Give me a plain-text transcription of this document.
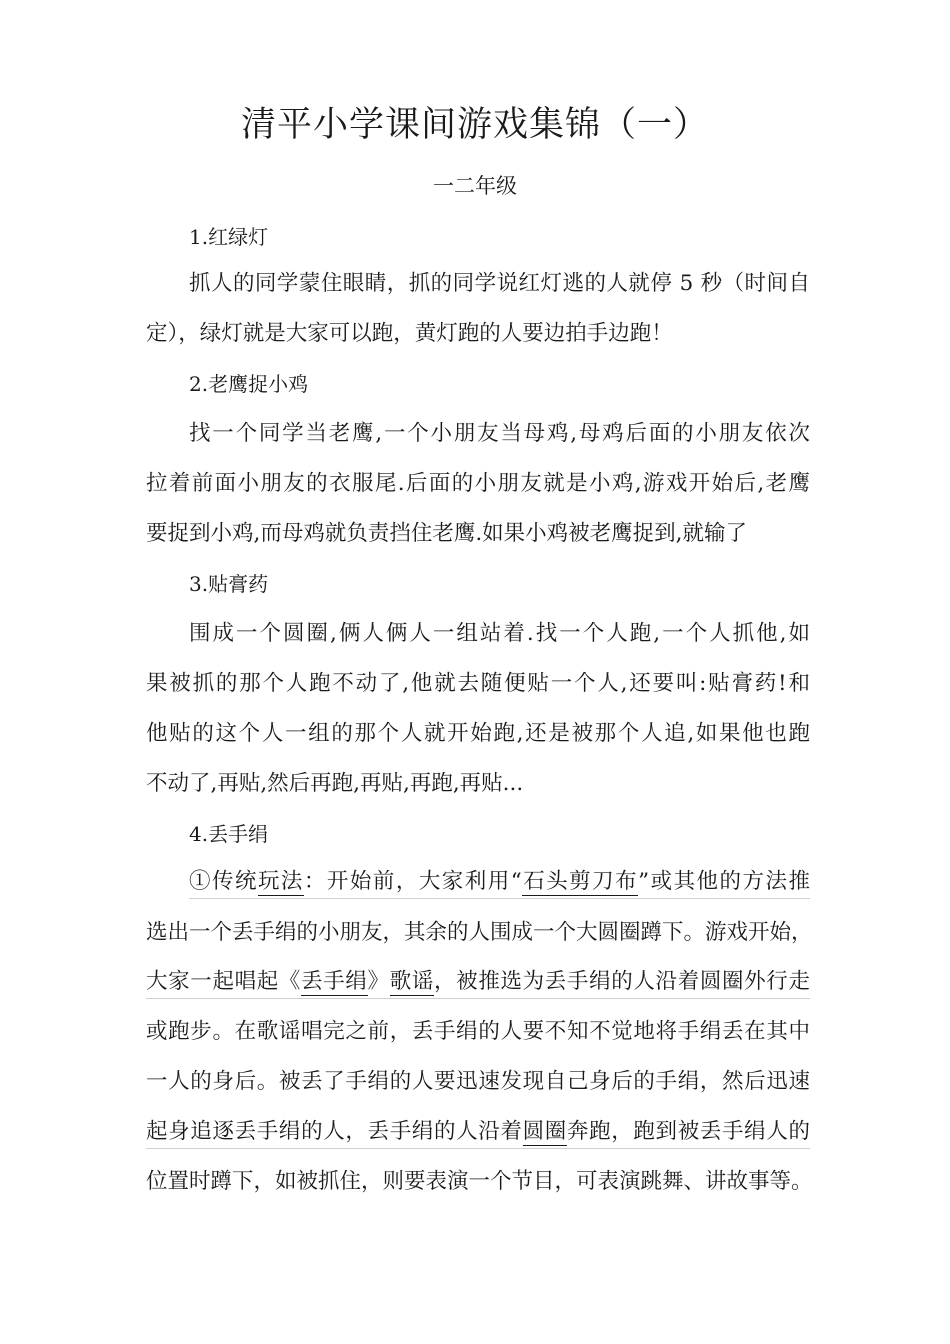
清平小学课间游戏集锦（一）
一二年级
1.红绿灯
抓人的同学蒙住眼睛，抓的同学说红灯逃的人就停 5 秒（时间自
定），绿灯就是大家可以跑，黄灯跑的人要边拍手边跑！
2.老鹰捉小鸡
找一个同学当老鹰,一个小朋友当母鸡,母鸡后面的小朋友依次
拉着前面小朋友的衣服尾.后面的小朋友就是小鸡,游戏开始后,老鹰
要捉到小鸡,而母鸡就负责挡住老鹰.如果小鸡被老鹰捉到,就输了
3.贴膏药
围成一个圆圈,俩人俩人一组站着.找一个人跑,一个人抓他,如
果被抓的那个人跑不动了,他就去随便贴一个人,还要叫:贴膏药!和
他贴的这个人一组的那个人就开始跑,还是被那个人追,如果他也跑
不动了,再贴,然后再跑,再贴,再跑,再贴...
4.丢手绢
①传统玩法：开始前，大家利用“石头剪刀布”或其他的方法推
选出一个丢手绢的小朋友，其余的人围成一个大圆圈蹲下。游戏开始，
大家一起唱起《丢手绢》歌谣，被推选为丢手绢的人沿着圆圈外行走
或跑步。在歌谣唱完之前，丢手绢的人要不知不觉地将手绢丢在其中
一人的身后。被丢了手绢的人要迅速发现自己身后的手绢，然后迅速
起身追逐丢手绢的人，丢手绢的人沿着圆圈奔跑，跑到被丢手绢人的
位置时蹲下，如被抓住，则要表演一个节目，可表演跳舞、讲故事等。
